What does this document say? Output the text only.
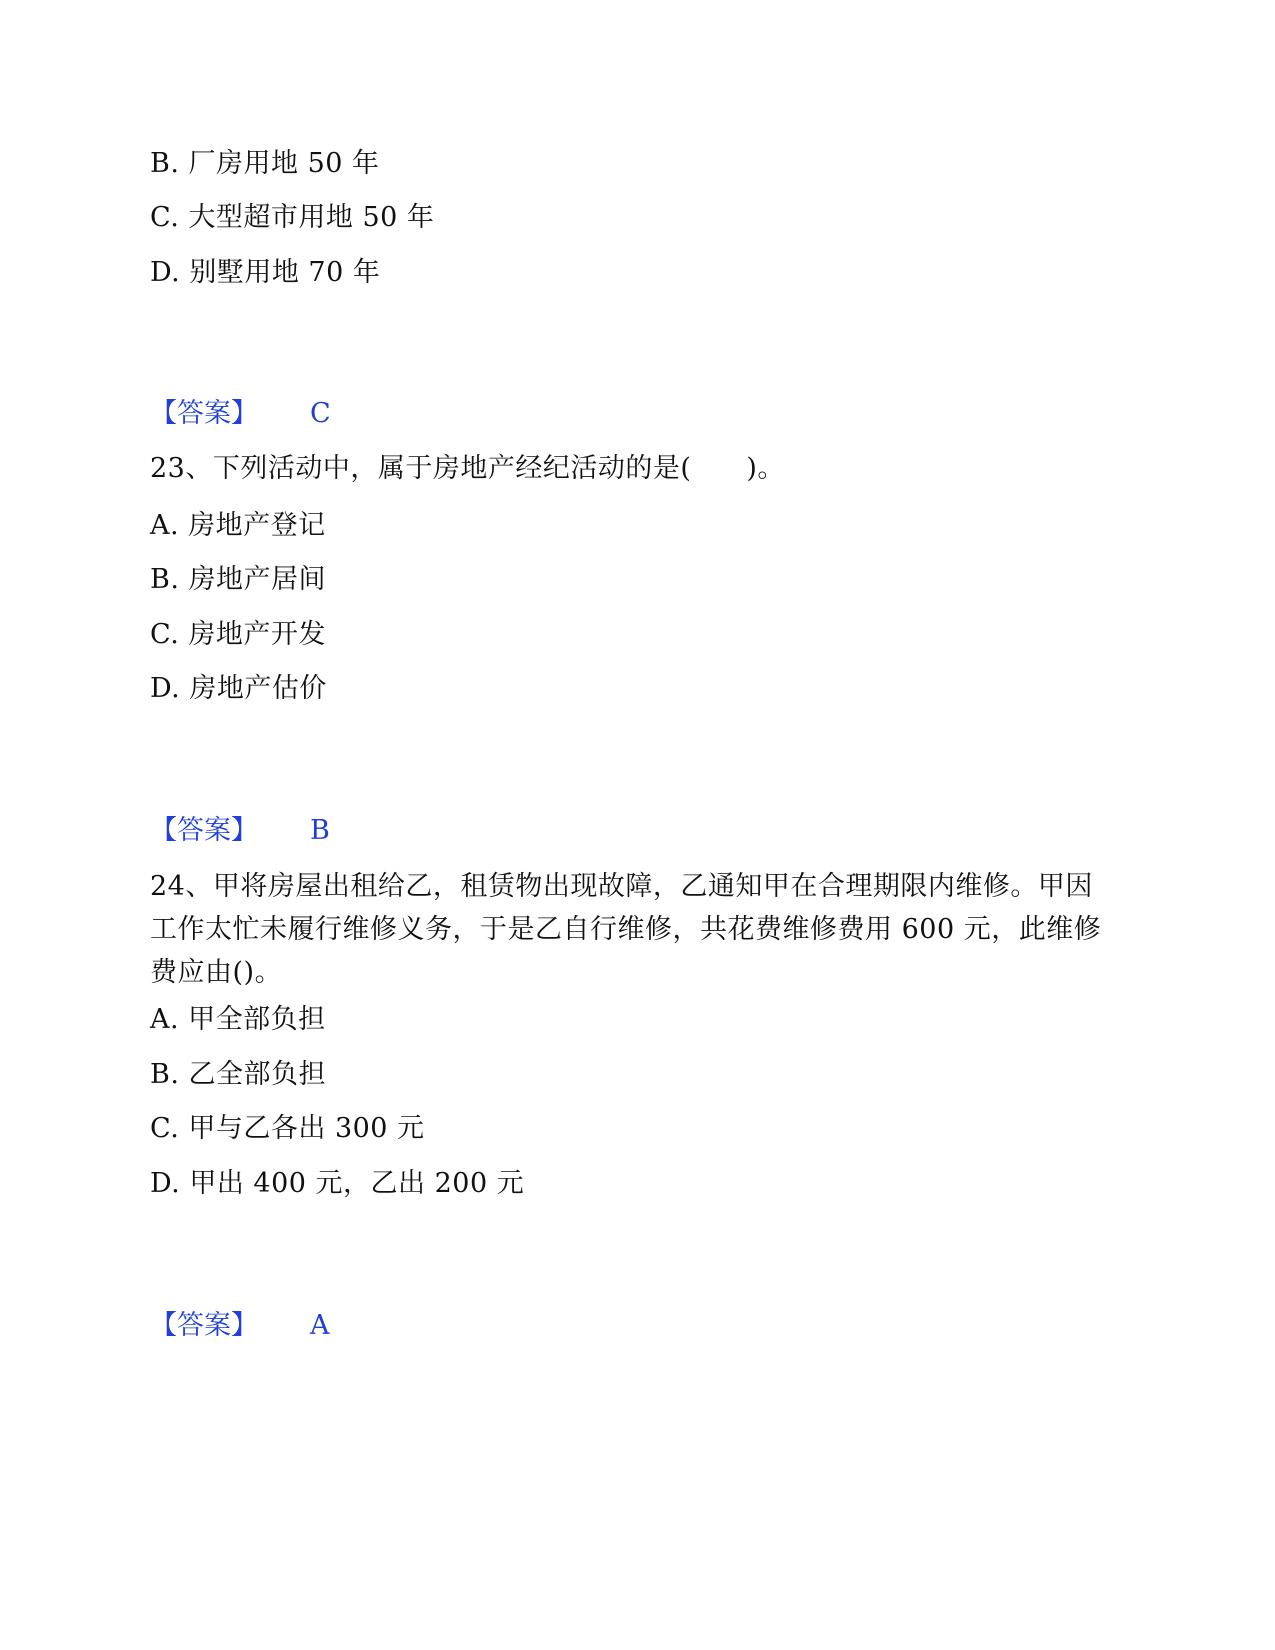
B. 厂房用地 50 年
C. 大型超市用地 50 年
D. 别墅用地 70 年
【答案】 C
23、下列活动中，属于房地产经纪活动的是(　　)。
A. 房地产登记
B. 房地产居间
C. 房地产开发
D. 房地产估价
【答案】 B
24、甲将房屋出租给乙，租赁物出现故障，乙通知甲在合理期限内维修。甲因工作太忙未履行维修义务，于是乙自行维修，共花费维修费用 600 元，此维修费应由()。
A. 甲全部负担
B. 乙全部负担
C. 甲与乙各出 300 元
D. 甲出 400 元，乙出 200 元
【答案】 A
